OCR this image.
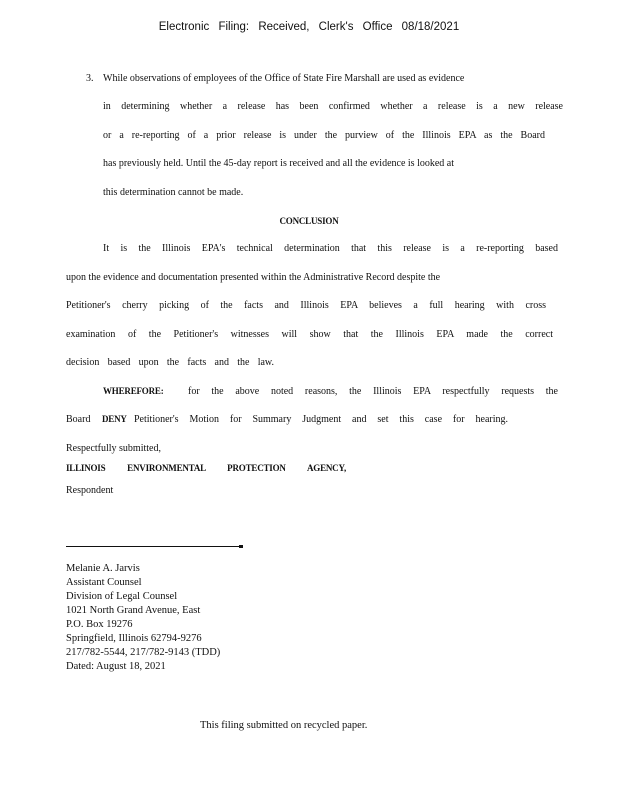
Electronic Filing: Received, Clerk's Office 08/18/2021
3. While observations of employees of the Office of State Fire Marshall are used as evidence
in determining whether a release has been confirmed whether a release is a new release
or a re-reporting of a prior release is under the purview of the Illinois EPA as the Board
has previously held. Until the 45-day report is received and all the evidence is looked at
this determination cannot be made.
CONCLUSION
It is the Illinois EPA's technical determination that this release is a re-reporting based
upon the evidence and documentation presented within the Administrative Record despite the
Petitioner's cherry picking of the facts and Illinois EPA believes a full hearing with cross
examination of the Petitioner's witnesses will show that the Illinois EPA made the correct
decision based upon the facts and the law.
WHEREFORE: for the above noted reasons, the Illinois EPA respectfully requests the
Board DENY Petitioner's Motion for Summary Judgment and set this case for hearing.
Respectfully submitted,
ILLINOIS ENVIRONMENTAL PROTECTION AGENCY,
Respondent
Melanie A. Jarvis
Assistant Counsel
Division of Legal Counsel
1021 North Grand Avenue, East
P.O. Box 19276
Springfield, Illinois 62794-9276
217/782-5544, 217/782-9143 (TDD)
Dated: August 18, 2021
This filing submitted on recycled paper.
